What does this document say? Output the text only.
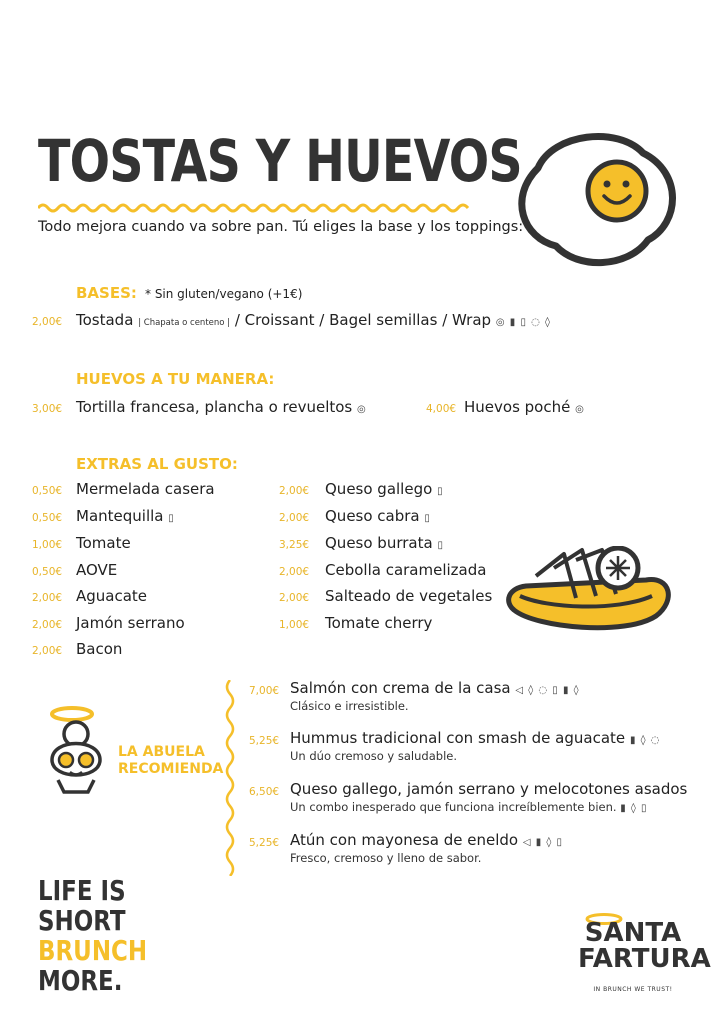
TOSTAS Y HUEVOS
Todo mejora cuando va sobre pan. Tú eliges la base y los toppings:
BASES: * Sin gluten/vegano (+1€)
2,00€ Tostada | Chapata o centeno | / Croissant / Bagel semillas / Wrap ◎ ▮ ▯ ◌ ◊
HUEVOS A TU MANERA:
3,00€ Tortilla francesa, plancha o revueltos ◎	4,00€ Huevos poché ◎
EXTRAS AL GUSTO:
0,50€ Mermelada casera
0,50€ Mantequilla ▯
1,00€ Tomate
0,50€ AOVE
2,00€ Aguacate
2,00€ Jamón serrano
2,00€ Bacon
2,00€ Queso gallego ▯
2,00€ Queso cabra ▯
3,25€ Queso burrata ▯
2,00€ Cebolla caramelizada
2,00€ Salteado de vegetales
1,00€ Tomate cherry
LA ABUELA
RECOMIENDA
7,00€ Salmón con crema de la casa ◁ ◊ ◌ ▯ ▮ ◊
Clásico e irresistible.
5,25€ Hummus tradicional con smash de aguacate ▮ ◊ ◌
Un dúo cremoso y saludable.
6,50€ Queso gallego, jamón serrano y melocotones asados
Un combo inesperado que funciona increíblemente bien. ▮ ◊ ▯
5,25€ Atún con mayonesa de eneldo ◁ ▮ ◊ ▯
Fresco, cremoso y lleno de sabor.
LIFE IS
SHORT
BRUNCH
MORE.
SANTA
FARTURA
IN BRUNCH WE TRUST!
